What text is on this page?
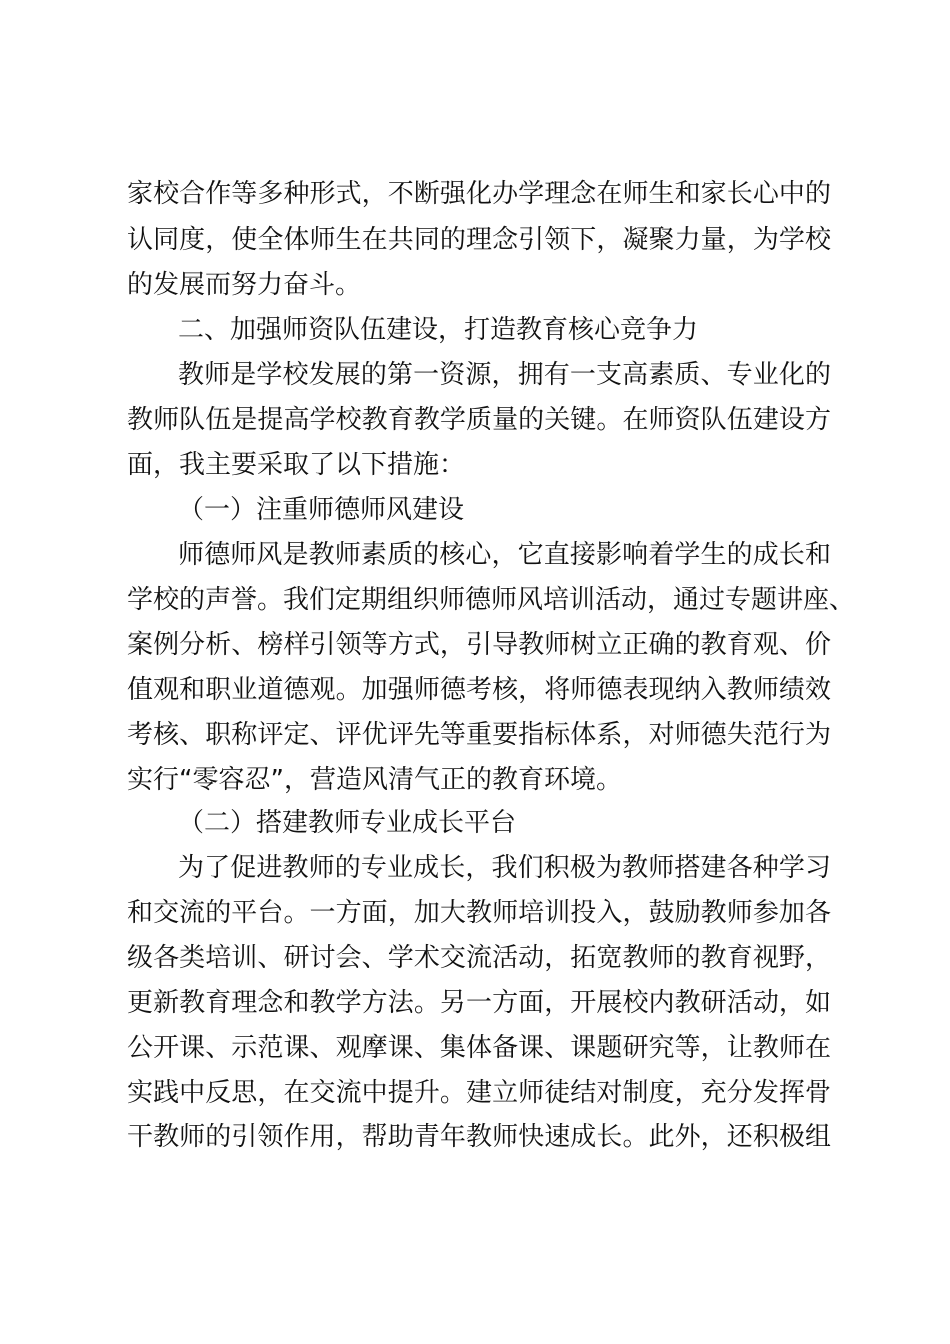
家校合作等多种形式，不断强化办学理念在师生和家长心中的
认同度，使全体师生在共同的理念引领下，凝聚力量，为学校
的发展而努力奋斗。
二、加强师资队伍建设，打造教育核心竞争力
教师是学校发展的第一资源，拥有一支高素质、专业化的
教师队伍是提高学校教育教学质量的关键。在师资队伍建设方
面，我主要采取了以下措施：
（一）注重师德师风建设
师德师风是教师素质的核心，它直接影响着学生的成长和
学校的声誉。我们定期组织师德师风培训活动，通过专题讲座、
案例分析、榜样引领等方式，引导教师树立正确的教育观、价
值观和职业道德观。加强师德考核，将师德表现纳入教师绩效
考核、职称评定、评优评先等重要指标体系，对师德失范行为
实行“零容忍”，营造风清气正的教育环境。
（二）搭建教师专业成长平台
为了促进教师的专业成长，我们积极为教师搭建各种学习
和交流的平台。一方面，加大教师培训投入，鼓励教师参加各
级各类培训、研讨会、学术交流活动，拓宽教师的教育视野，
更新教育理念和教学方法。另一方面，开展校内教研活动，如
公开课、示范课、观摩课、集体备课、课题研究等，让教师在
实践中反思，在交流中提升。建立师徒结对制度，充分发挥骨
干教师的引领作用，帮助青年教师快速成长。此外，还积极组
